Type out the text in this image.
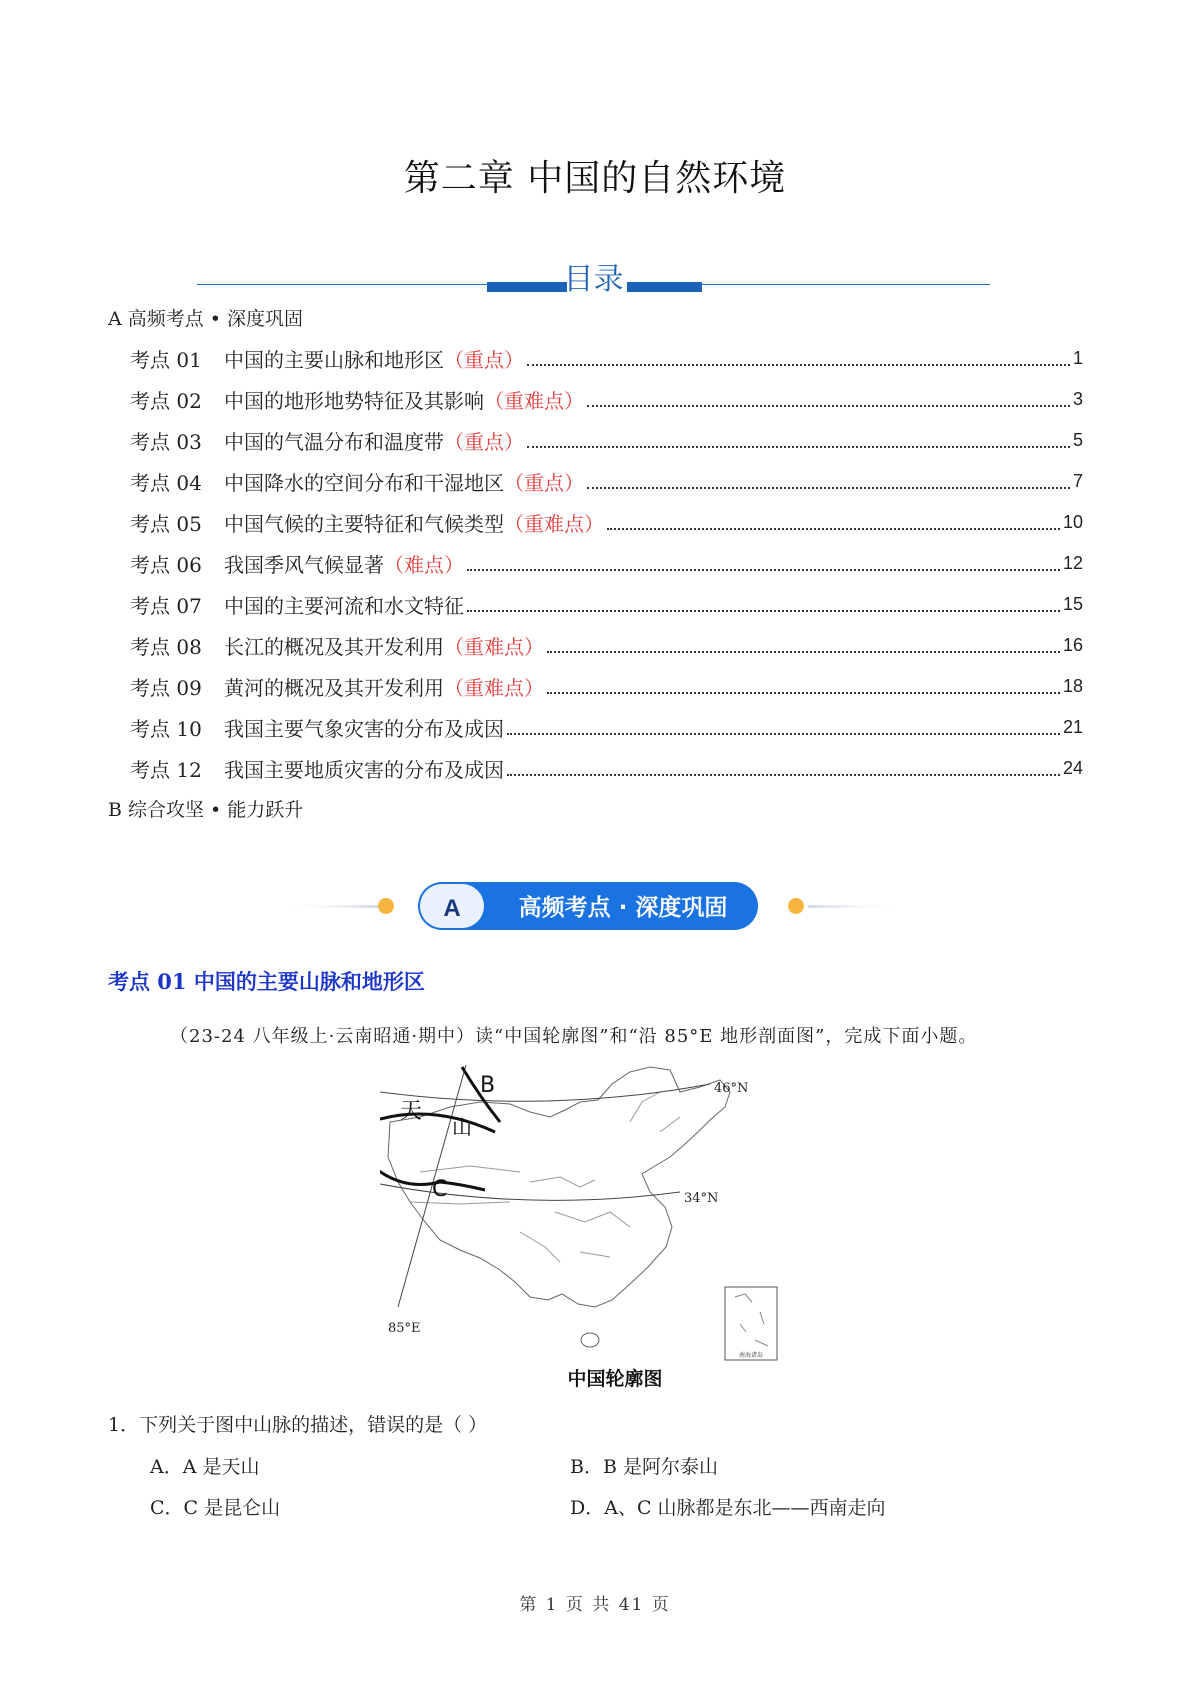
第二章 中国的自然环境
目录
A 高频考点 • 深度巩固
考点 01	中国的主要山脉和地形区 （重点）	1
考点 02	中国的地形地势特征及其影响 （重难点）	3
考点 03	中国的气温分布和温度带 （重点）	5
考点 04	中国降水的空间分布和干湿地区 （重点）	7
考点 05	中国气候的主要特征和气候类型 （重难点）	10
考点 06	我国季风气候显著 （难点）	12
考点 07	中国的主要河流和水文特征	15
考点 08	长江的概况及其开发利用 （重难点）	16
考点 09	黄河的概况及其开发利用 （重难点）	18
考点 10	我国主要气象灾害的分布及成因	21
考点 12	我国主要地质灾害的分布及成因	24
B 综合攻坚 • 能力跃升
A	高频考点 · 深度巩固
考点 01 中国的主要山脉和地形区
（23-24 八年级上·云南昭通·期中）读“中国轮廓图”和“沿 85°E 地形剖面图”，完成下面小题。
天
山
B
C
46°N
34°N
85°E
南海诸岛
中国轮廓图
1．下列关于图中山脉的描述，错误的是（ ）
A．A 是天山	B．B 是阿尔泰山
C．C 是昆仑山	D．A、C 山脉都是东北——西南走向
第 1 页 共 41 页
